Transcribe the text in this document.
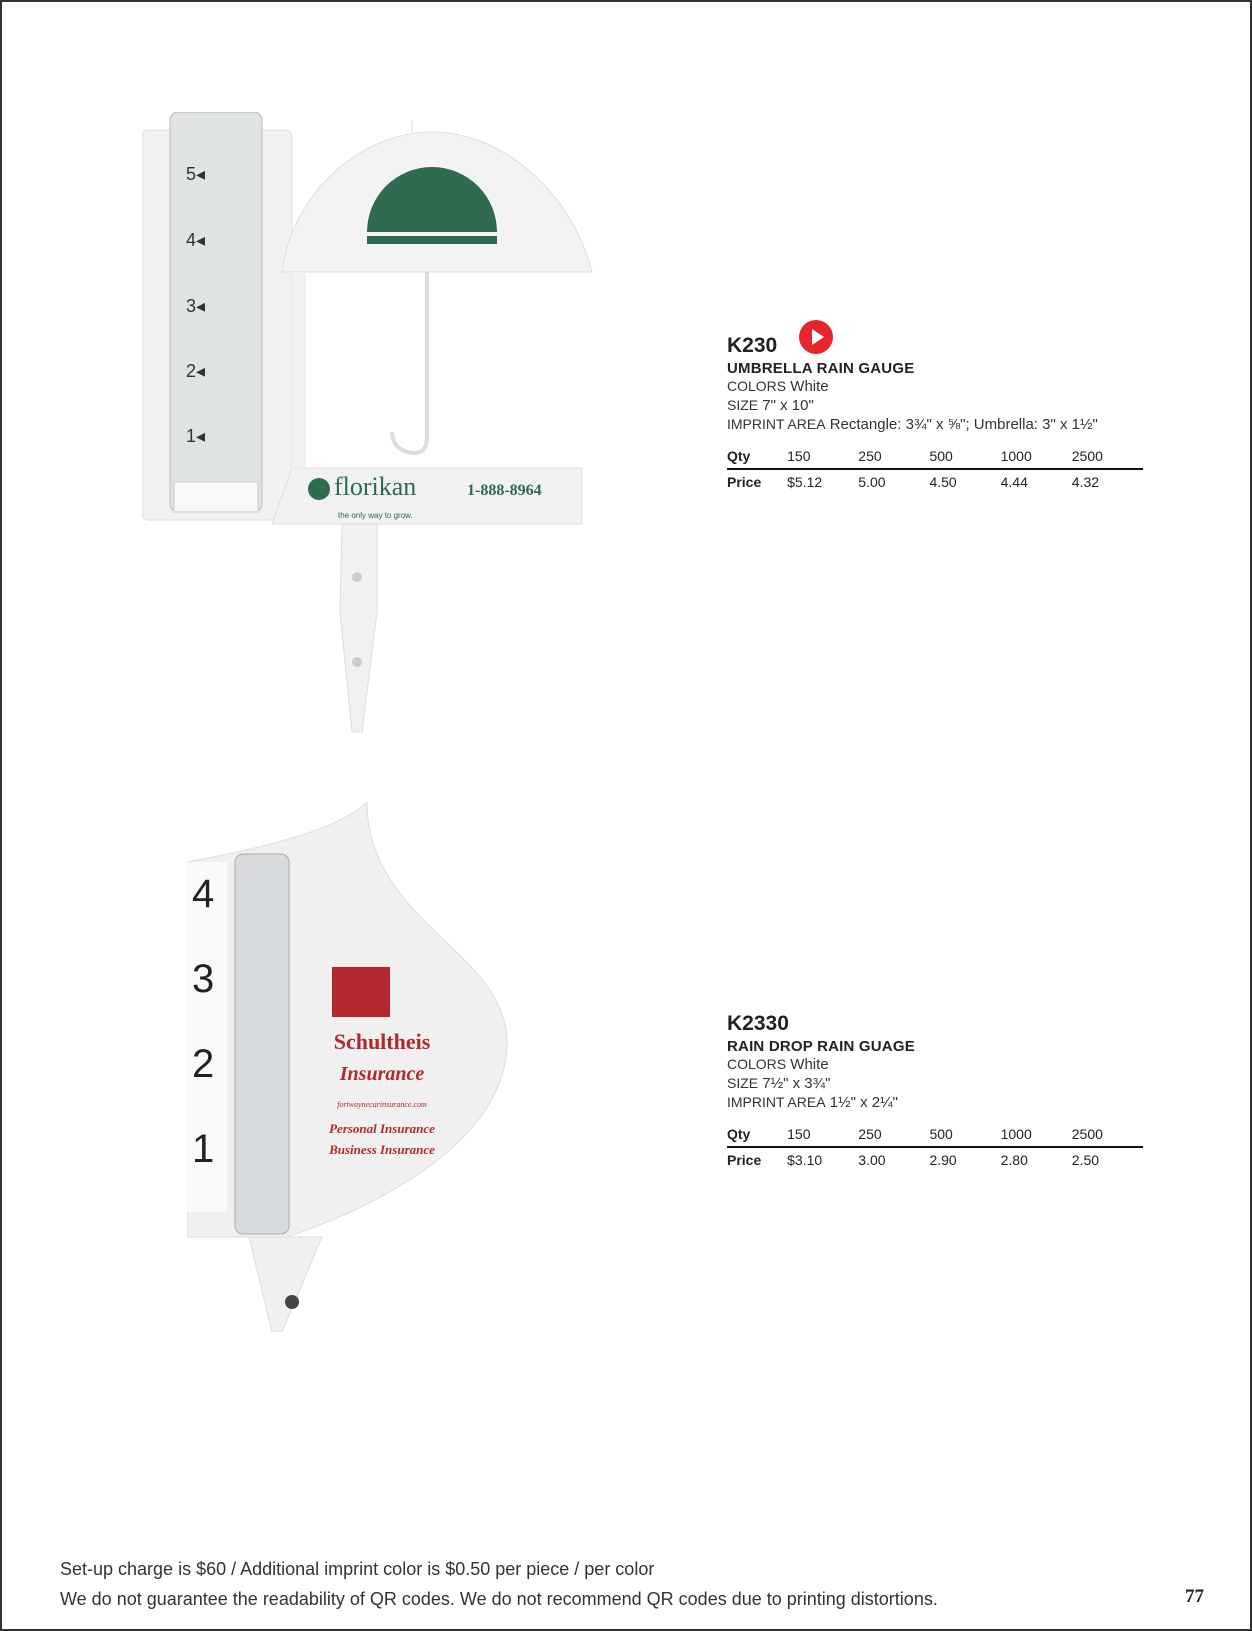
5◂
4◂
3◂
2◂
1◂
florikan
the only way to grow.
1-888-8964
4
3
2
1
Schultheis
Insurance
fortwaynecarinsurance.com
Personal Insurance
Business Insurance
K230
UMBRELLA RAIN GAUGE
COLORS White
SIZE 7" x 10"
IMPRINT AREA Rectangle: 3¾" x ⅝"; Umbrella: 3" x 1½"
Qty	150	250	500	1000	2500
Price	$5.12	5.00	4.50	4.44	4.32
K2330
RAIN DROP RAIN GUAGE
COLORS White
SIZE 7½" x 3¾"
IMPRINT AREA 1½" x 2¼"
Qty	150	250	500	1000	2500
Price	$3.10	3.00	2.90	2.80	2.50
Set-up charge is $60 / Additional imprint color is $0.50 per piece / per color
We do not guarantee the readability of QR codes. We do not recommend QR codes due to printing distortions.	77
